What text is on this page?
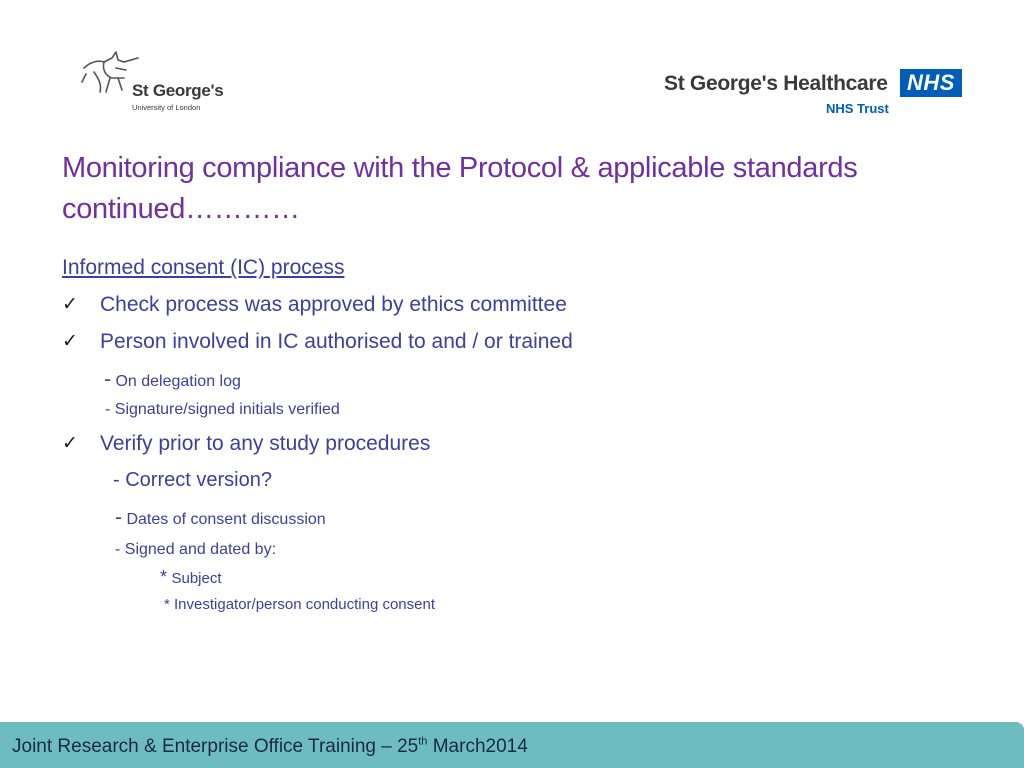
St George's
University of London
St George's Healthcare NHS
NHS Trust
Monitoring compliance with the Protocol & applicable standards continued…………
Informed consent (IC) process
✓ Check process was approved by ethics committee
✓ Person involved in IC authorised to and / or trained
- On delegation log
- Signature/signed initials verified
✓ Verify prior to any study procedures
- Correct version?
- Dates of consent discussion
- Signed and dated by:
* Subject
* Investigator/person conducting consent
Joint Research & Enterprise Office Training – 25th March2014
